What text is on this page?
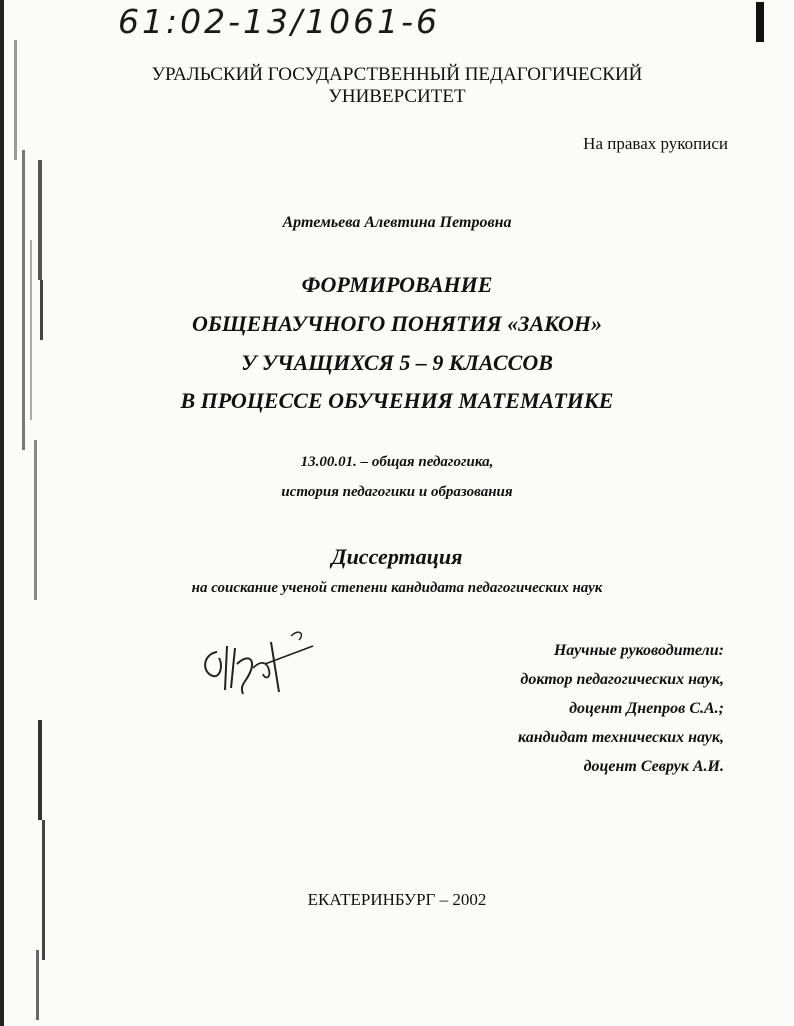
61:02-13/1061-6
УРАЛЬСКИЙ ГОСУДАРСТВЕННЫЙ ПЕДАГОГИЧЕСКИЙ УНИВЕРСИТЕТ
На правах рукописи
Артемьева Алевтина Петровна
ФОРМИРОВАНИЕ
ОБЩЕНАУЧНОГО ПОНЯТИЯ «ЗАКОН»
У УЧАЩИХСЯ 5 – 9 КЛАССОВ
В ПРОЦЕССЕ ОБУЧЕНИЯ МАТЕМАТИКЕ
13.00.01. – общая педагогика,
история педагогики и образования
Диссертация
на соискание ученой степени кандидата педагогических наук
Научные руководители:
доктор педагогических наук,
доцент Днепров С.А.;
кандидат технических наук,
доцент Севрук А.И.
ЕКАТЕРИНБУРГ – 2002
